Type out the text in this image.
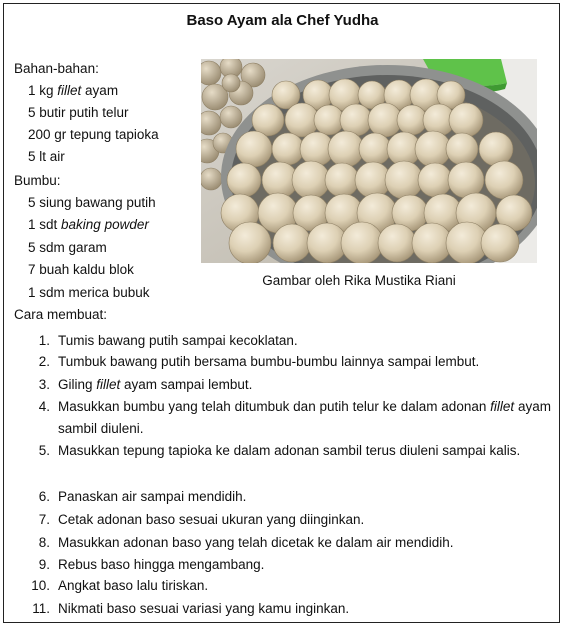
Baso Ayam ala Chef Yudha
Bahan-bahan:
1 kg fillet ayam
5 butir putih telur
200 gr tepung tapioka
5 lt air
Bumbu:
5 siung bawang putih
1 sdt baking powder
5 sdm garam
7 buah kaldu blok
1 sdm merica bubuk
Gambar oleh Rika Mustika Riani
Cara membuat:
1. Tumis bawang putih sampai kecoklatan.
2. Tumbuk bawang putih bersama bumbu-bumbu lainnya sampai lembut.
3. Giling fillet ayam sampai lembut.
4. Masukkan bumbu yang telah ditumbuk dan putih telur ke dalam adonan fillet ayam sambil diuleni.
5. Masukkan tepung tapioka ke dalam adonan sambil terus diuleni sampai kalis.
6. Panaskan air sampai mendidih.
7. Cetak adonan baso sesuai ukuran yang diinginkan.
8. Masukkan adonan baso yang telah dicetak ke dalam air mendidih.
9. Rebus baso hingga mengambang.
10. Angkat baso lalu tiriskan.
11. Nikmati baso sesuai variasi yang kamu inginkan.
